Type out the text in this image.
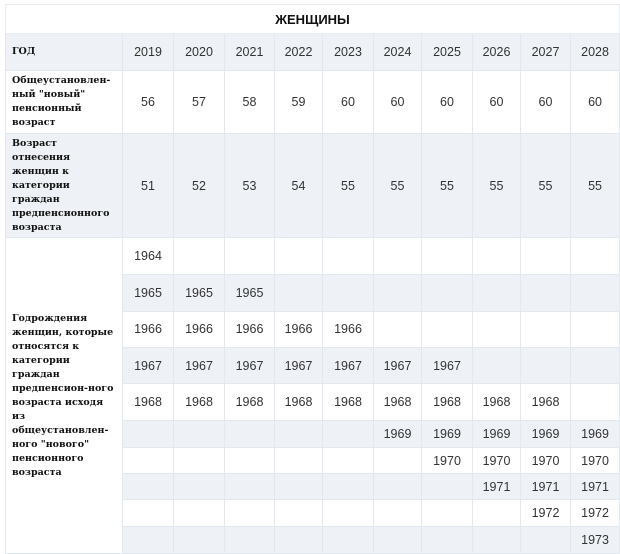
ЖЕНЩИНЫ										
ГОД	2019	2020	2021	2022	2023	2024	2025	2026	2027	2028
Общеустановлен-ный "новый" пенсионный возраст	56	57	58	59	60	60	60	60	60	60
Возраст отнесения женщин к категории граждан предпенсионного возраста	51	52	53	54	55	55	55	55	55	55
Годрождения женщин, которые относятся к категории граждан предпенсион-ного возраста исходя из общеустановлен-ного "нового" пенсионного возраста	1964									
	1965	1965	1965							
	1966	1966	1966	1966	1966					
	1967	1967	1967	1967	1967	1967	1967			
	1968	1968	1968	1968	1968	1968	1968	1968	1968	
						1969	1969	1969	1969	1969
							1970	1970	1970	1970
								1971	1971	1971
									1972	1972
										1973
